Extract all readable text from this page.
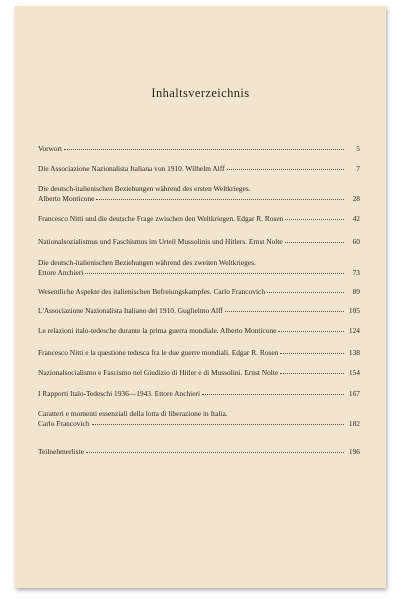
Inhaltsverzeichnis
Vorwort	5
Die Associazione Nazionalista Italiana von 1910. Wilhelm Alff	7
Die deutsch-italienischen Beziehungen während des ersten Weltkrieges.
Alberto Monticone	28
Francesco Nitti und die deutsche Frage zwischen den Weltkriegen. Edgar R. Rosen	42
Nationalsozialismus und Faschismus im Urteil Mussolinis und Hitlers. Ernst Nolte	60
Die deutsch-italienischen Beziehungen während des zweiten Weltkrieges.
Ettore Anchieri	73
Wesentliche Aspekte des italienischen Befreiungskampfes. Carlo Francovich	89
L'Associazione Nazionalista Italiano del 1910. Guglielmo Alff	105
Le relazioni italo-tedesche durante la prima guerra mondiale. Alberto Monticone	124
Francesco Nitti e la questione tedesca fra le due guerre mondiali. Edgar R. Rosen	138
Nazionalsocialismo e Fascismo nel Giudizio di Hitler e di Mussolini. Ernst Nolte	154
I Rapporti Italo-Tedeschi 1936—1943. Ettore Anchieri	167
Caratteri e momenti essenziali della lotta di liberazione in Italia.
Carlo Francovich	182
Teilnehmerliste	196
